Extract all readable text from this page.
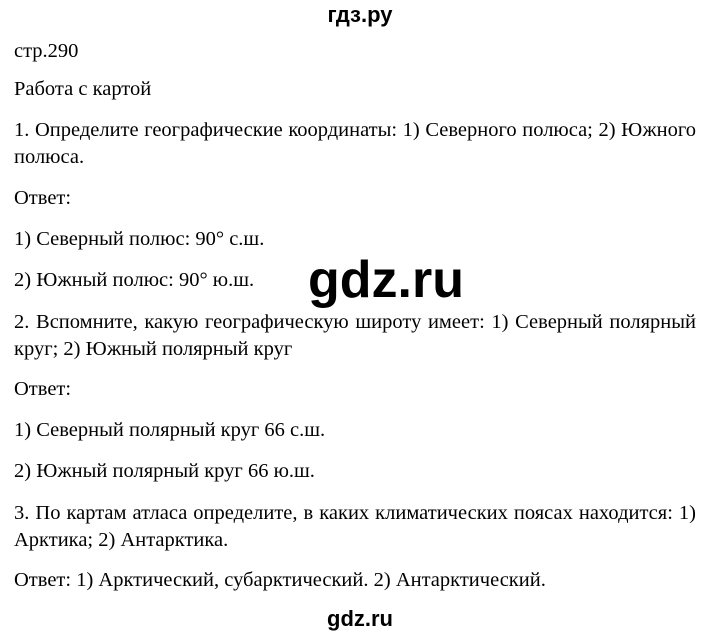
гдз.ру

стр.290

Работа с картой

1. Определите географические координаты: 1) Северного полюса; 2) Южного полюса.

Ответ:

1) Северный полюс: 90° с.ш.

2) Южный полюс: 90° ю.ш.

2. Вспомните, какую географическую широту имеет: 1) Северный полярный круг; 2) Южный полярный круг

Ответ:

1) Северный полярный круг 66 с.ш.

2) Южный полярный круг 66 ю.ш.

3. По картам атласа определите, в каких климатических поясах находится: 1) Арктика; 2) Антарктика.

Ответ: 1) Арктический, субарктический. 2) Антарктический.

gdz.ru
gdz.ru
